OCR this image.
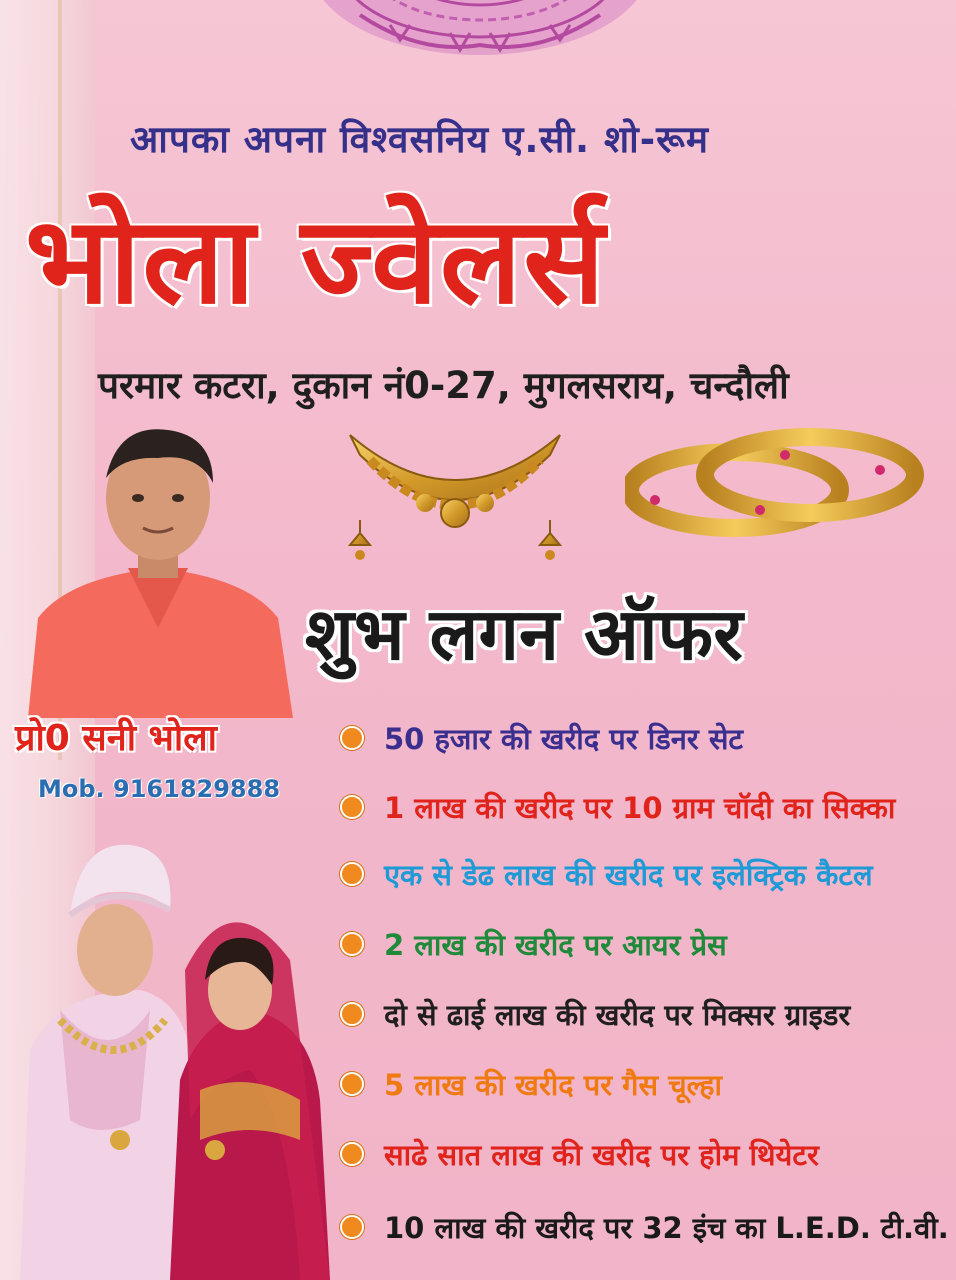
आपका अपना विश्वसनिय ए.सी. शो-रूम
भोला ज्वेलर्स
परमार कटरा, दुकान नं0-27, मुगलसराय, चन्दौली
शुभ लगन ऑफर
प्रो0 सनी भोला
Mob. 9161829888
50 हजार की खरीद पर डिनर सेट
1 लाख की खरीद पर 10 ग्राम चॉदी का सिक्का
एक से डेढ लाख की खरीद पर इलेक्ट्रिक कैटल
2 लाख की खरीद पर आयर प्रेस
दो से ढाई लाख की खरीद पर मिक्सर ग्राइडर
5 लाख की खरीद पर गैस चूल्हा
साढे सात लाख की खरीद पर होम थियेटर
10 लाख की खरीद पर 32 इंच का L.E.D. टी.वी.
